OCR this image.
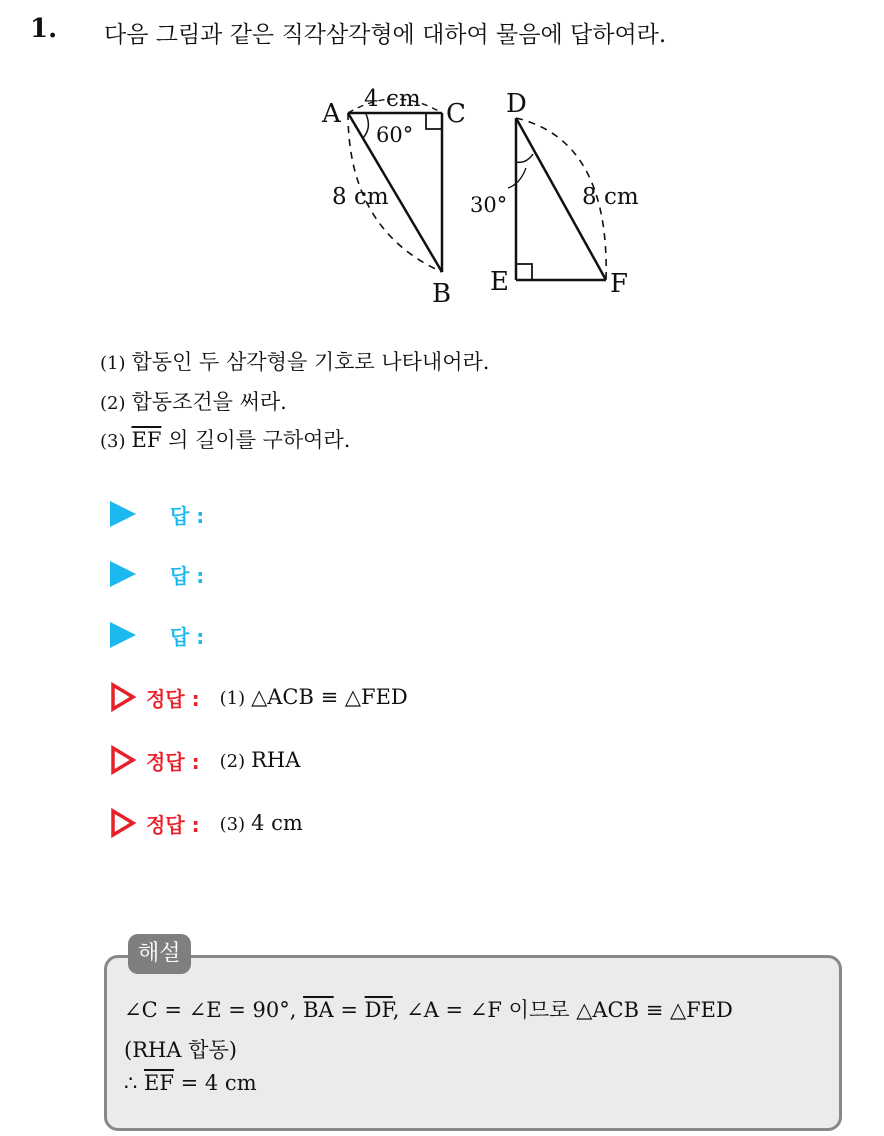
1. 다음 그림과 같은 직각삼각형에 대하여 물음에 답하여라.
A	C
B
4 cm
8 cm
60°
D
E	F
8 cm
30°
(1) 합동인 두 삼각형을 기호로 나타내어라.
(2) 합동조건을 써라.
(3) $\overline{EF}$ 의 길이를 구하여라.
답 :
답 :
답 :
정답 : (1) △ACB ≡ △FED
정답 : (2) RHA
정답 : (3) 4 cm
해설
∠C = ∠E = 90°, $\overline{BA} = \overline{DF}$, ∠A = ∠F 이므로 △ACB ≡ △FED
(RHA 합동)
∴ $\overline{EF} = 4$ cm
